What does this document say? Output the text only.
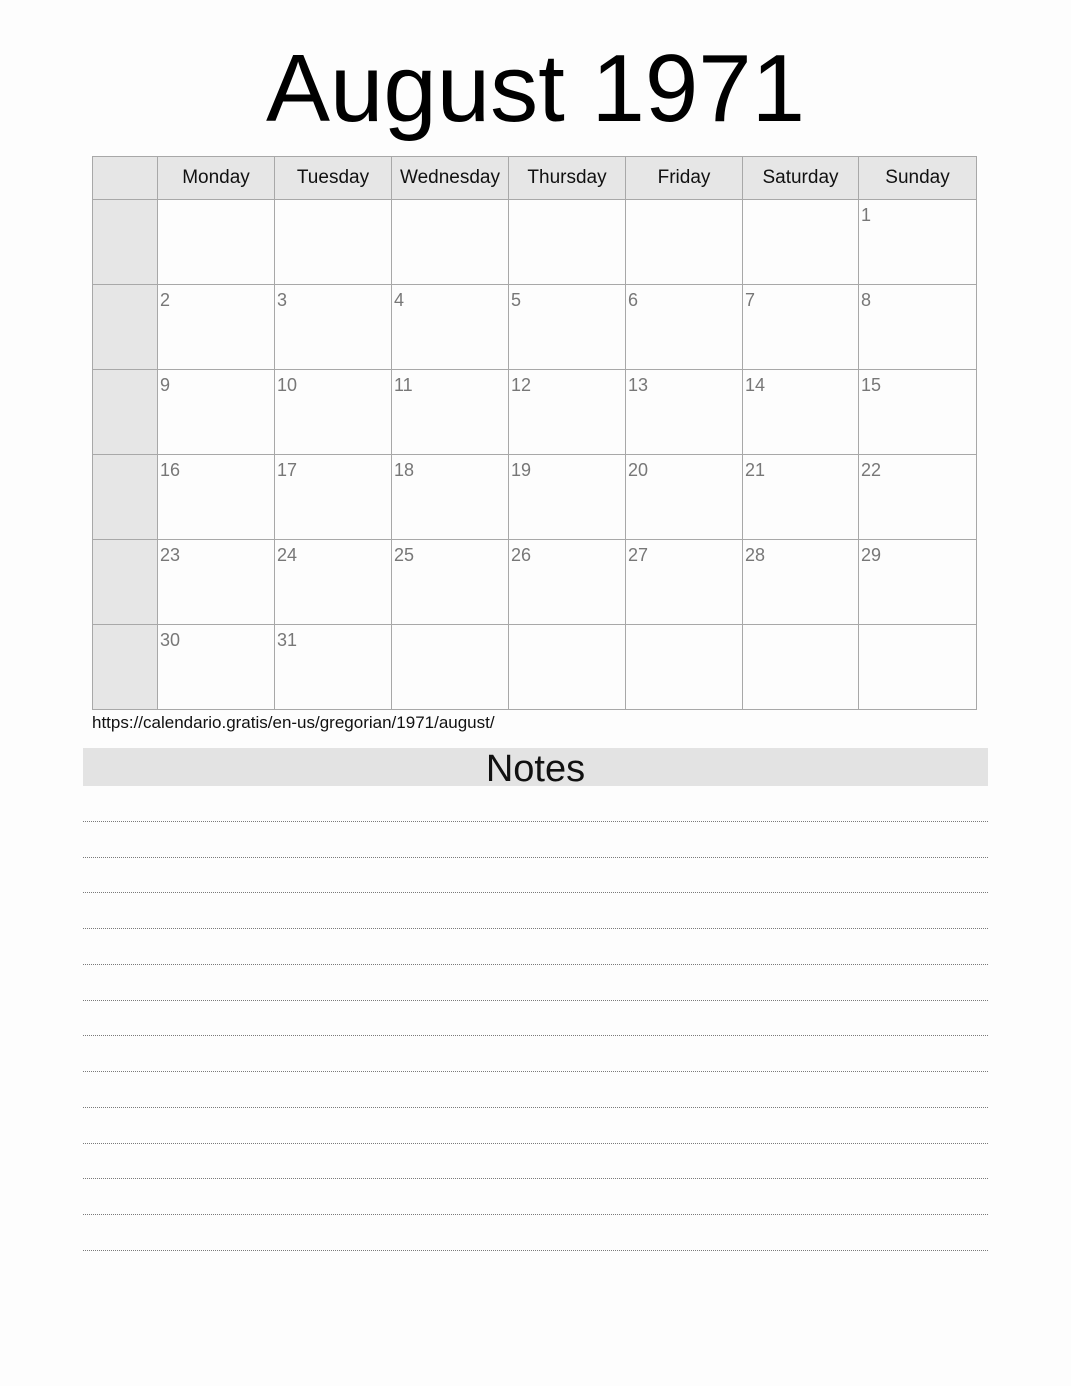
August 1971
	Monday	Tuesday	Wednesday	Thursday	Friday	Saturday	Sunday

							1

	2	3	4	5	6	7	8

	9	10	11	12	13	14	15

	16	17	18	19	20	21	22

	23	24	25	26	27	28	29

	30	31					

https://calendario.gratis/en-us/gregorian/1971/august/
Notes
